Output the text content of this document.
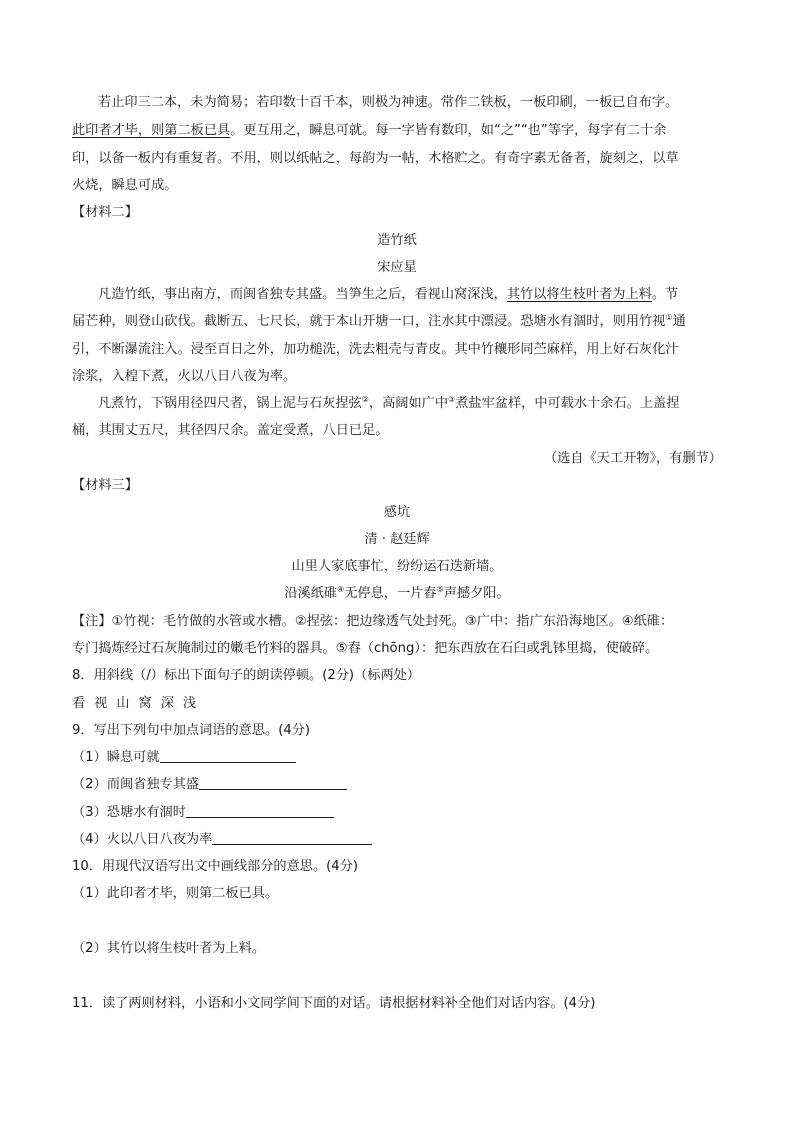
若止印三二本，未为简易；若印数十百千本，则极为神速。常作二铁板，一板印刷，一板已自布字。
此印者才毕，则第二板已具。更互用之，瞬息可就。每一字皆有数印，如“之”“也”等字，每字有二十余
印，以备一板内有重复者。不用，则以纸帖之，每韵为一帖，木格贮之。有奇字素无备者，旋刻之，以草
火烧，瞬息可成。
【材料二】
造竹纸
宋应星
凡造竹纸，事出南方，而闽省独专其盛。当笋生之后，看视山窝深浅，其竹以将生枝叶者为上料。节
届芒种，则登山砍伐。截断五、七尺长，就于本山开塘一口，注水其中漂浸。恐塘水有涸时，则用竹视①通
引，不断瀑流注入。浸至百日之外，加功槌洗，洗去粗壳与青皮。其中竹穰形同苎麻样，用上好石灰化汁
涂浆，入楻下煮，火以八日八夜为率。
凡煮竹，下锅用径四尺者，锅上泥与石灰捏弦②，高阔如广中③煮盐牢盆样，中可载水十余石。上盖捏
桶，其围丈五尺，其径四尺余。盖定受煮，八日已足。
（选自《天工开物》，有删节）
【材料三】
感坑
清 · 赵廷辉
山里人家底事忙，纷纷运石迭新墙。
沿溪纸碓④无停息，一片舂⑤声撼夕阳。
【注】①竹视：毛竹做的水管或水槽。②捏弦：把边缘透气处封死。③广中：指广东沿海地区。④纸碓：
专门捣炼经过石灰腌制过的嫩毛竹料的器具。⑤舂（chōng）：把东西放在石臼或乳钵里捣，使破碎。
8．用斜线（/）标出下面句子的朗读停顿。(2分)（标两处）
看视山窝深浅
9．写出下列句中加点词语的意思。(4分)
（1）瞬息可就
（2）而闽省独专其盛
（3）恐塘水有涸时
（4）火以八日八夜为率
10．用现代汉语写出文中画线部分的意思。(4分)
（1）此印者才毕，则第二板已具。
（2）其竹以将生枝叶者为上料。
11．读了两则材料，小语和小文同学间下面的对话。请根据材料补全他们对话内容。(4分)
